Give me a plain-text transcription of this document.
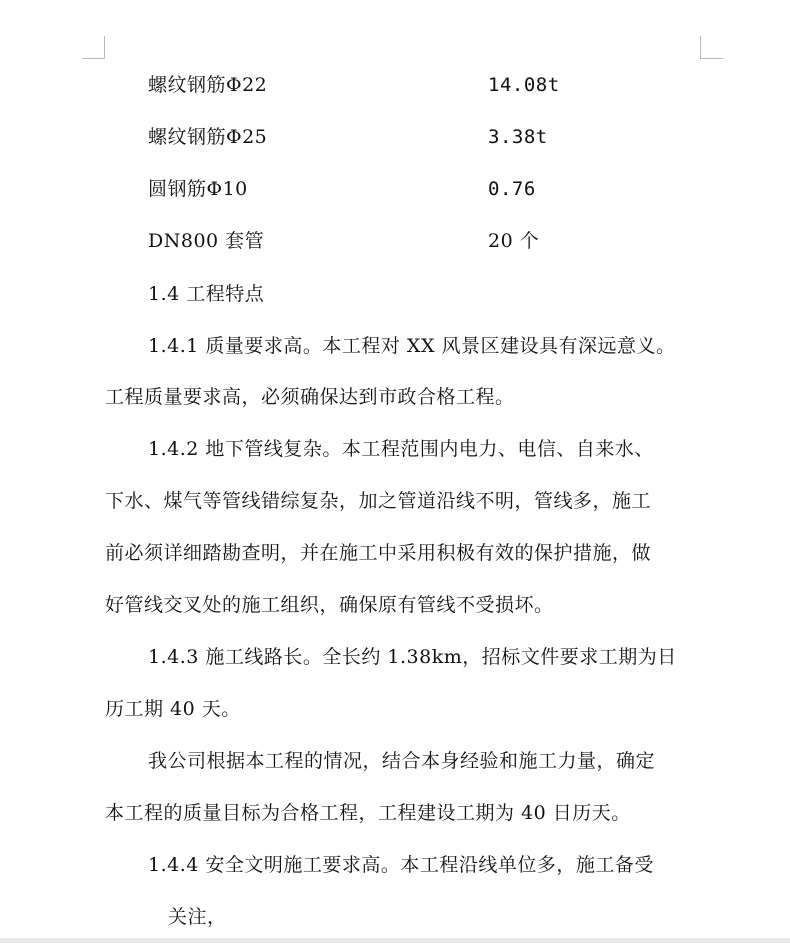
螺纹钢筋Φ22	14.08t
螺纹钢筋Φ25	3.38t
圆钢筋Φ10	0.76
DN800 套管	20 个
1.4 工程特点
1.4.1 质量要求高。本工程对 XX 风景区建设具有深远意义。
工程质量要求高，必须确保达到市政合格工程。
1.4.2 地下管线复杂。本工程范围内电力、电信、自来水、
下水、煤气等管线错综复杂，加之管道沿线不明，管线多，施工
前必须详细踏勘查明，并在施工中采用积极有效的保护措施，做
好管线交叉处的施工组织，确保原有管线不受损坏。
1.4.3 施工线路长。全长约 1.38km，招标文件要求工期为日
历工期 40 天。
我公司根据本工程的情况，结合本身经验和施工力量，确定
本工程的质量目标为合格工程，工程建设工期为 40 日历天。
1.4.4 安全文明施工要求高。本工程沿线单位多，施工备受
关注，
